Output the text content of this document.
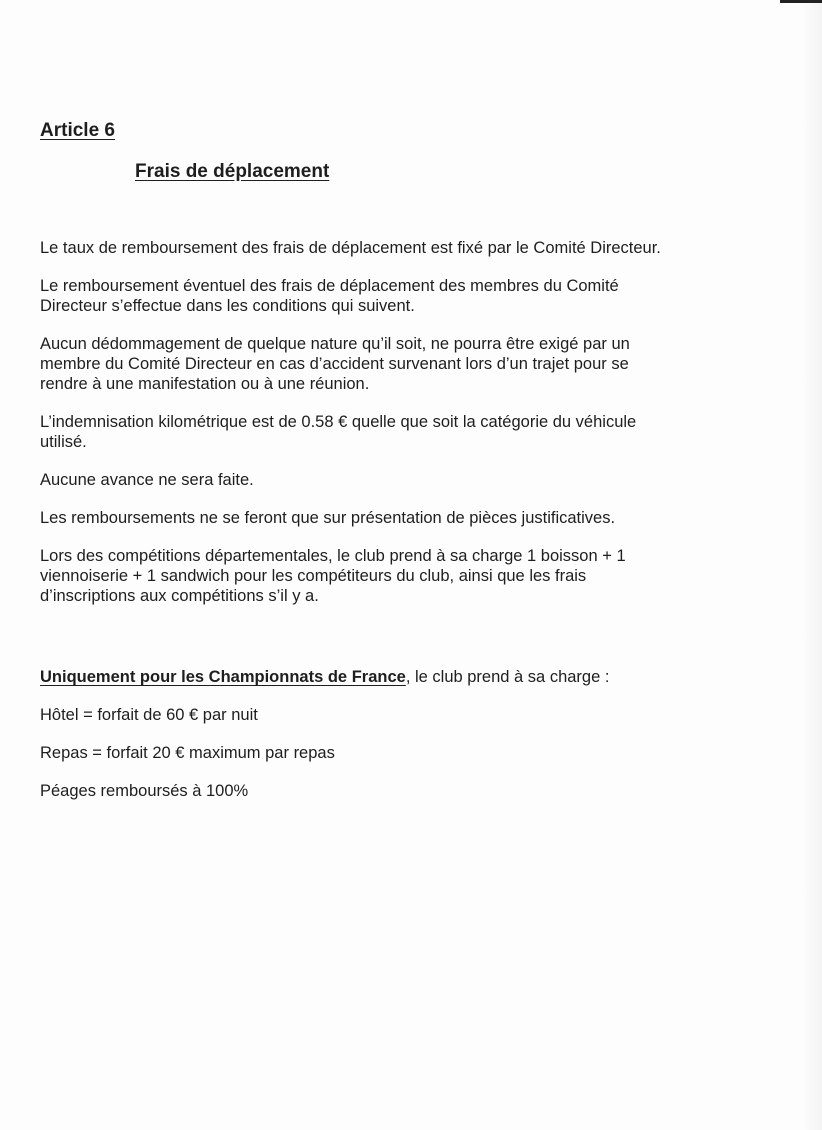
Article 6
Frais de déplacement

Le taux de remboursement des frais de déplacement est fixé par le Comité Directeur.

Le remboursement éventuel des frais de déplacement des membres du Comité
Directeur s’effectue dans les conditions qui suivent.

Aucun dédommagement de quelque nature qu’il soit, ne pourra être exigé par un
membre du Comité Directeur en cas d’accident survenant lors d’un trajet pour se
rendre à une manifestation ou à une réunion.

L’indemnisation kilométrique est de 0.58 € quelle que soit la catégorie du véhicule
utilisé.

Aucune avance ne sera faite.

Les remboursements ne se feront que sur présentation de pièces justificatives.

Lors des compétitions départementales, le club prend à sa charge 1 boisson + 1
viennoiserie + 1 sandwich pour les compétiteurs du club, ainsi que les frais
d’inscriptions aux compétitions s’il y a.

Uniquement pour les Championnats de France, le club prend à sa charge :

Hôtel = forfait de 60 € par nuit

Repas = forfait 20 € maximum par repas

Péages remboursés à 100%
